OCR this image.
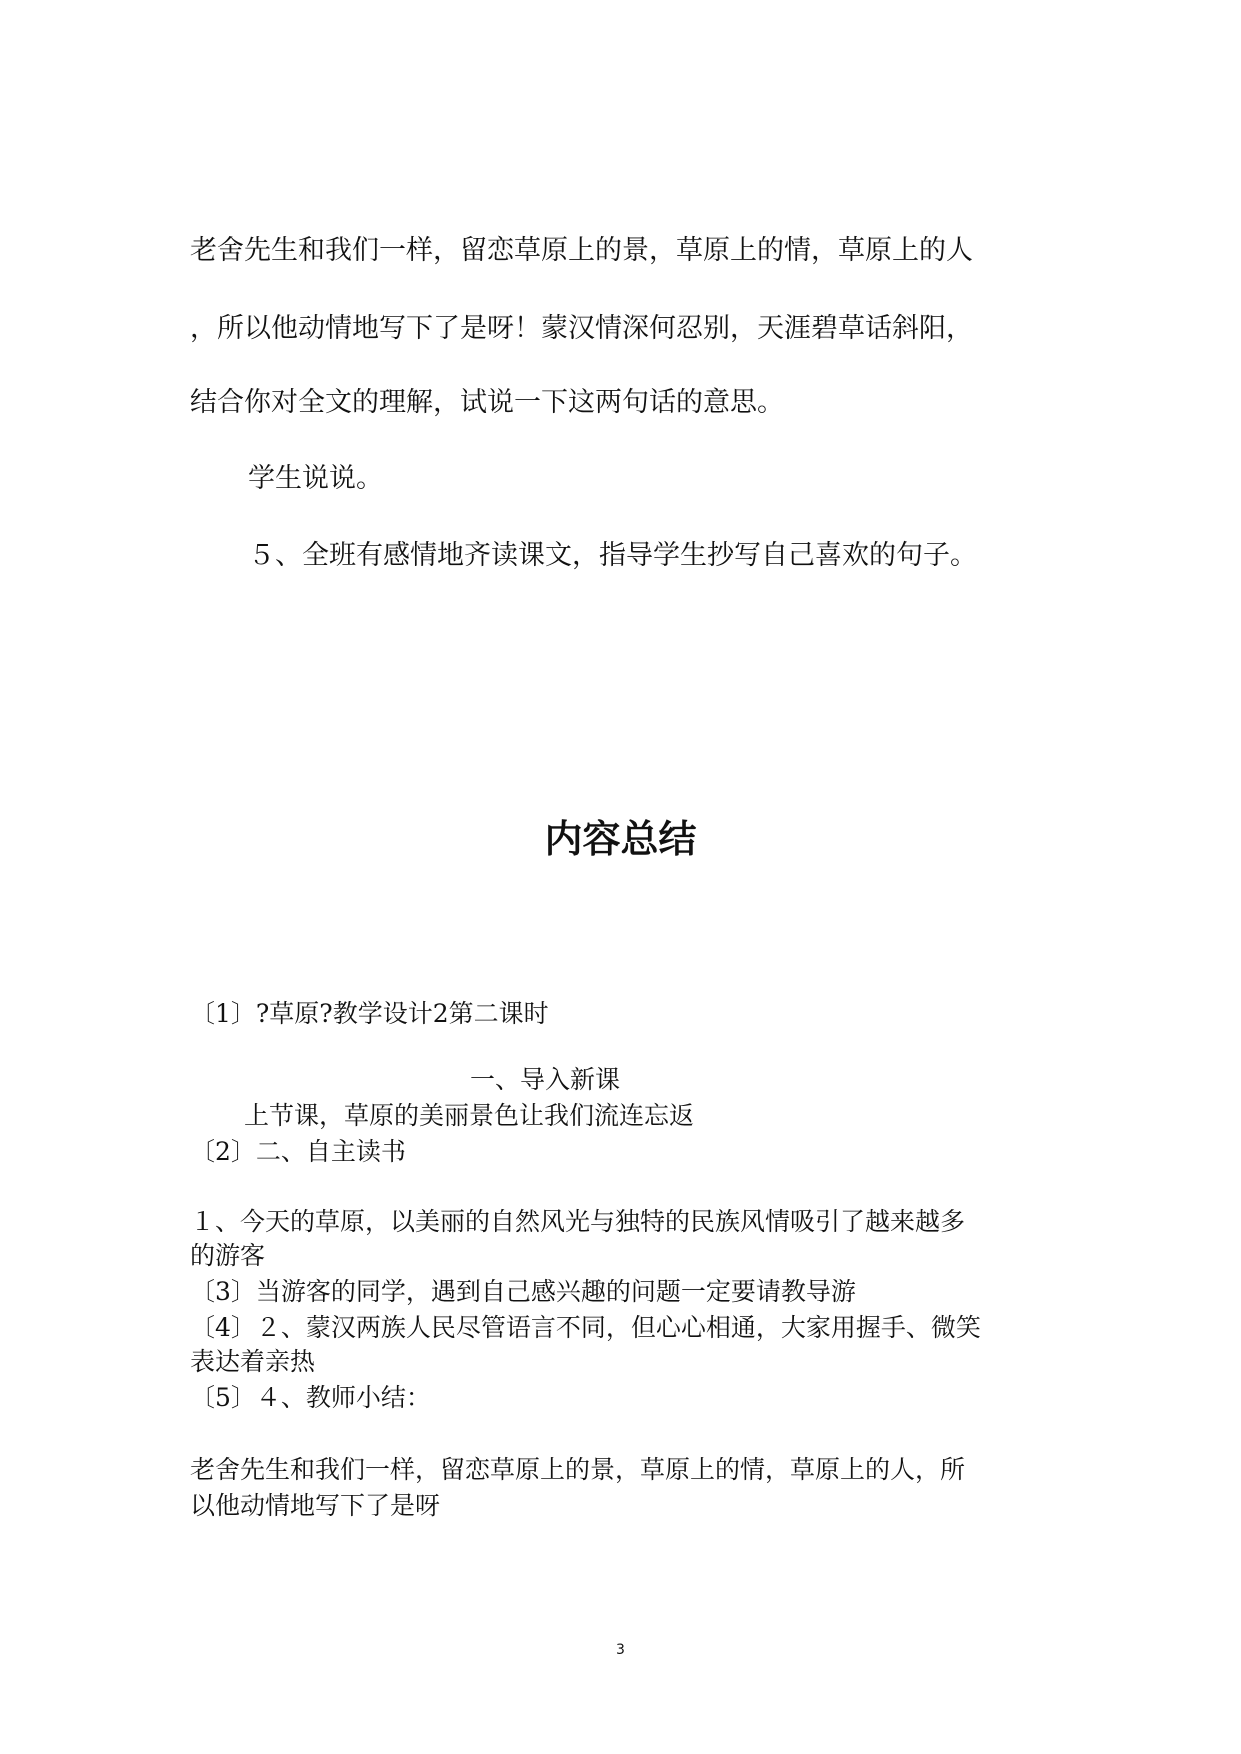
老舍先生和我们一样，留恋草原上的景，草原上的情，草原上的人
，所以他动情地写下了是呀！蒙汉情深何忍别，天涯碧草话斜阳，
结合你对全文的理解，试说一下这两句话的意思。
学生说说。
５、全班有感情地齐读课文，指导学生抄写自己喜欢的句子。
内容总结
〔1〕?草原?教学设计2第二课时
一、导入新课
上节课，草原的美丽景色让我们流连忘返
〔2〕二、自主读书
１、今天的草原，以美丽的自然风光与独特的民族风情吸引了越来越多
的游客
〔3〕当游客的同学，遇到自己感兴趣的问题一定要请教导游
〔4〕２、蒙汉两族人民尽管语言不同，但心心相通，大家用握手、微笑
表达着亲热
〔5〕４、教师小结：
老舍先生和我们一样，留恋草原上的景，草原上的情，草原上的人，所
以他动情地写下了是呀
3
